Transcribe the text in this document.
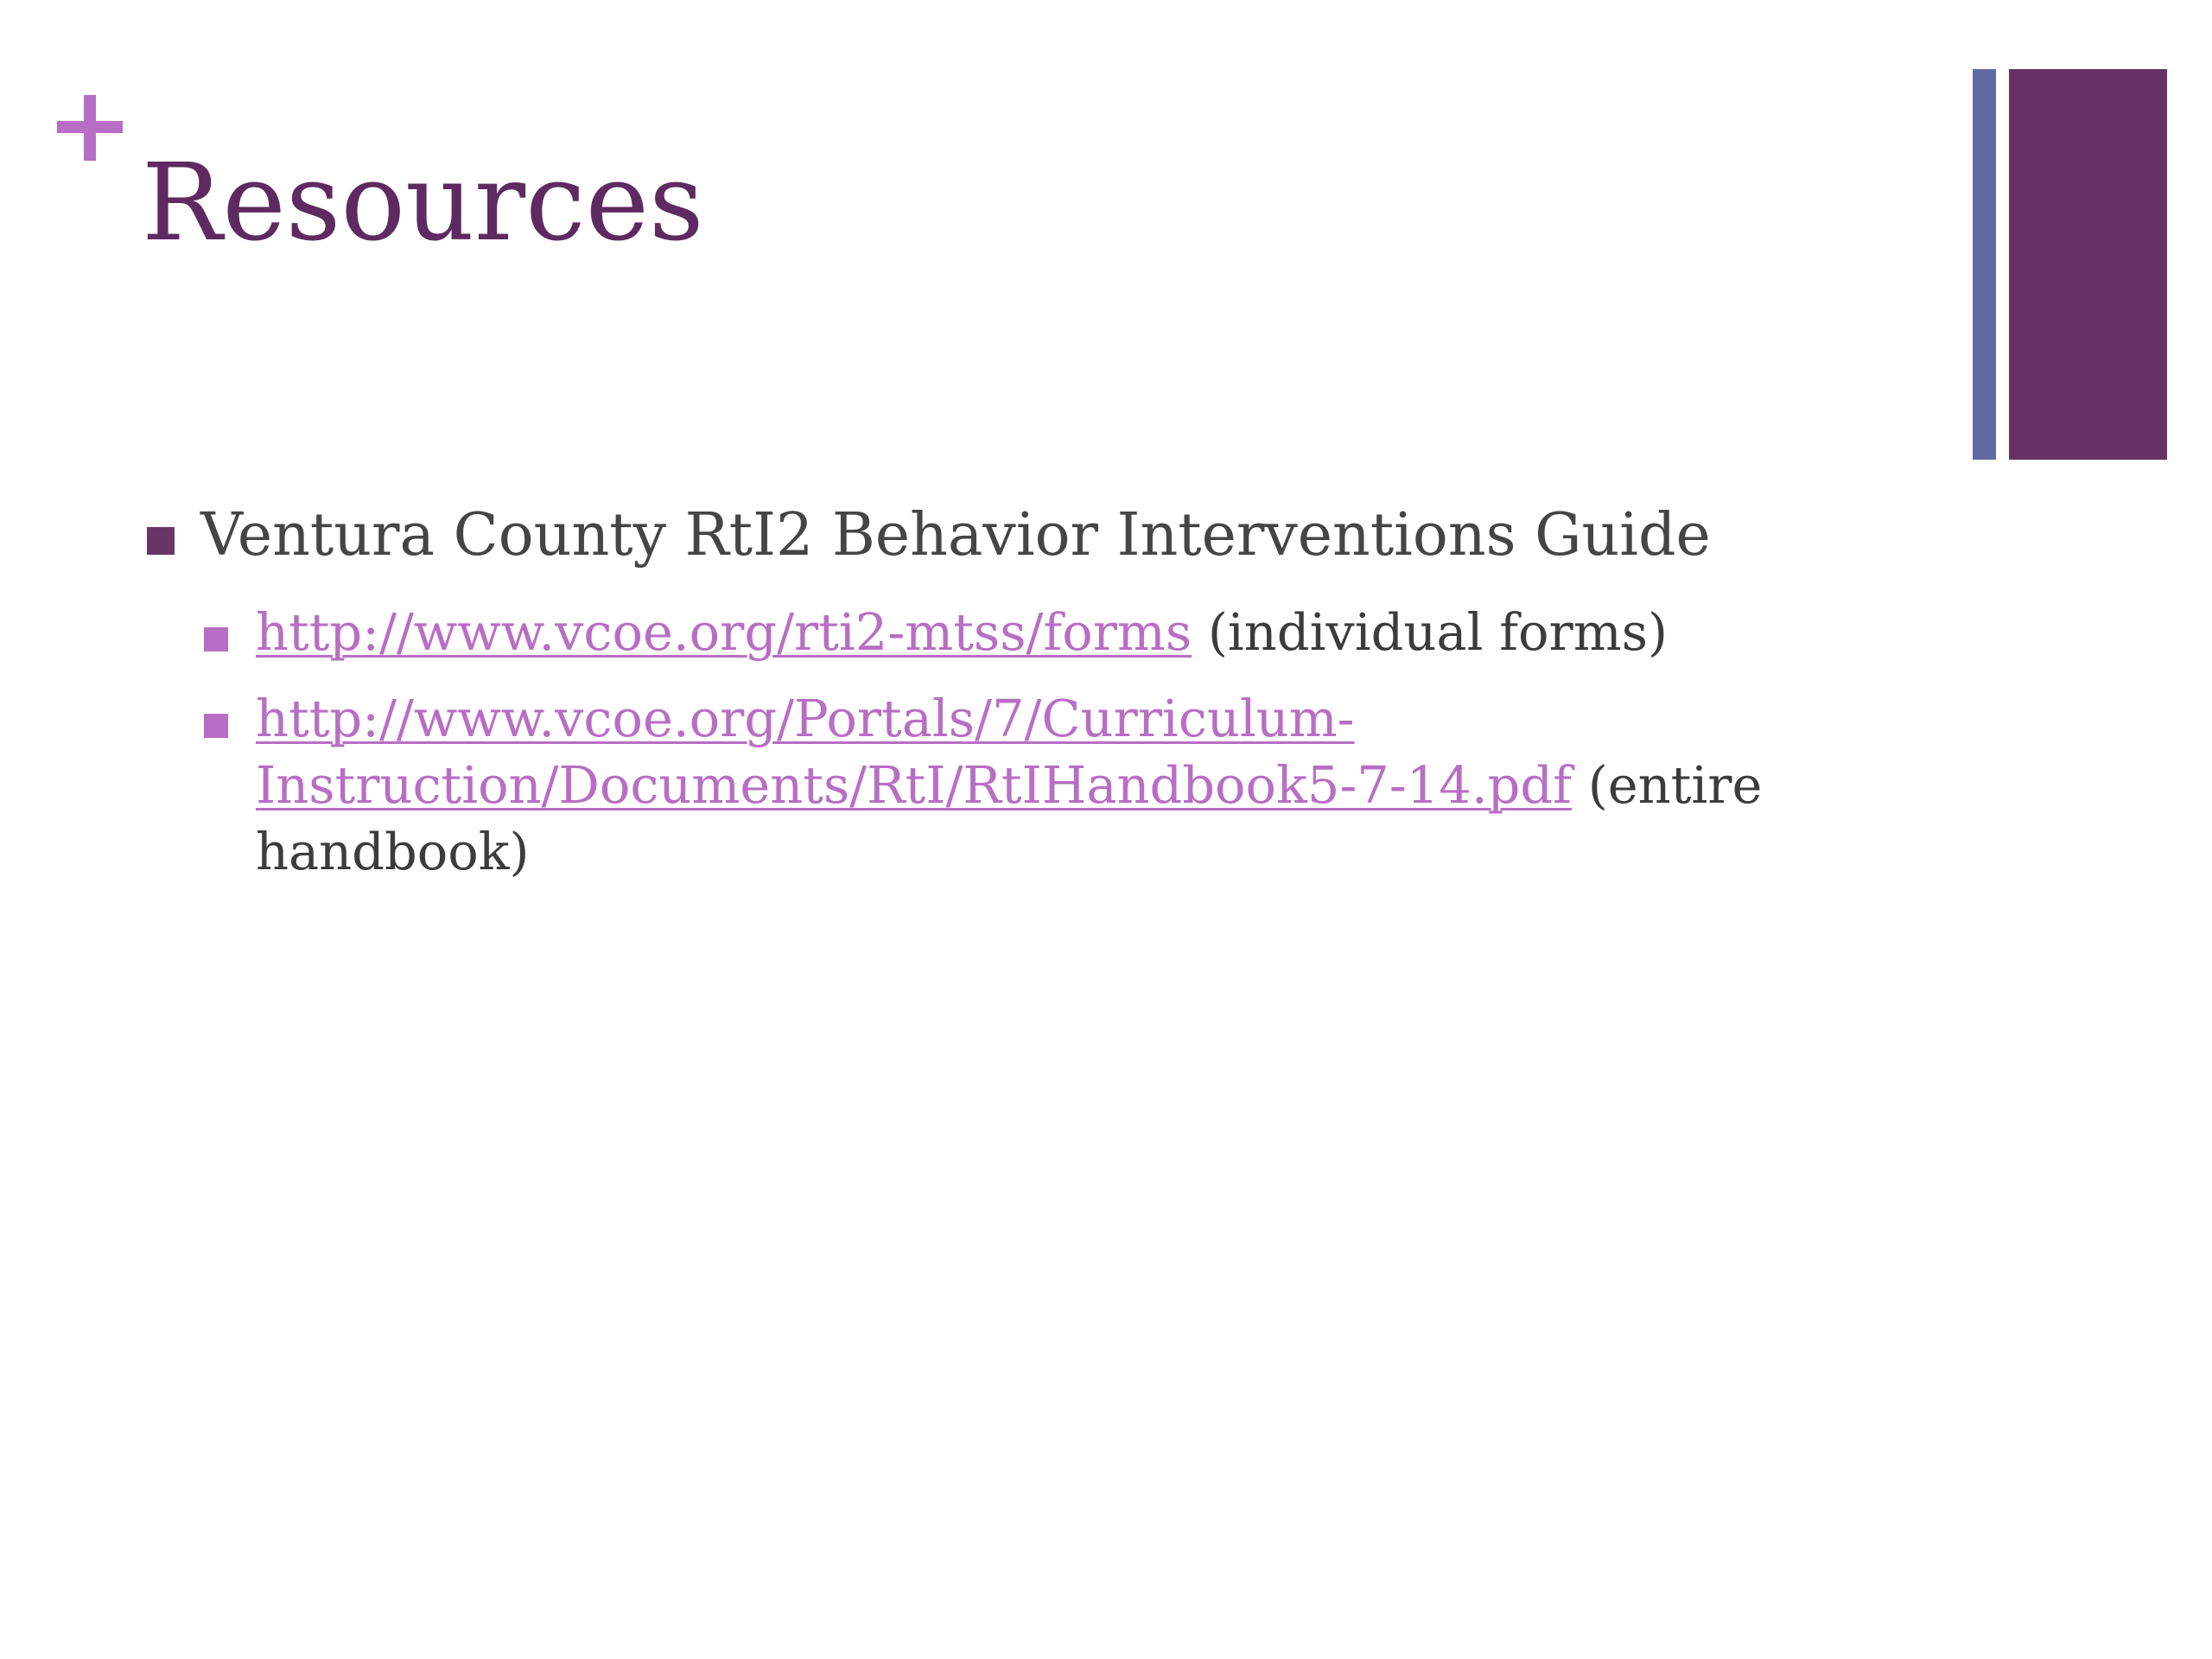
Resources
Ventura County RtI2 Behavior Interventions Guide
http://www.vcoe.org/rti2-mtss/forms (individual forms)
http://www.vcoe.org/Portals/7/Curriculum-
Instruction/Documents/RtI/RtIHandbook5-7-14.pdf (entire handbook)
